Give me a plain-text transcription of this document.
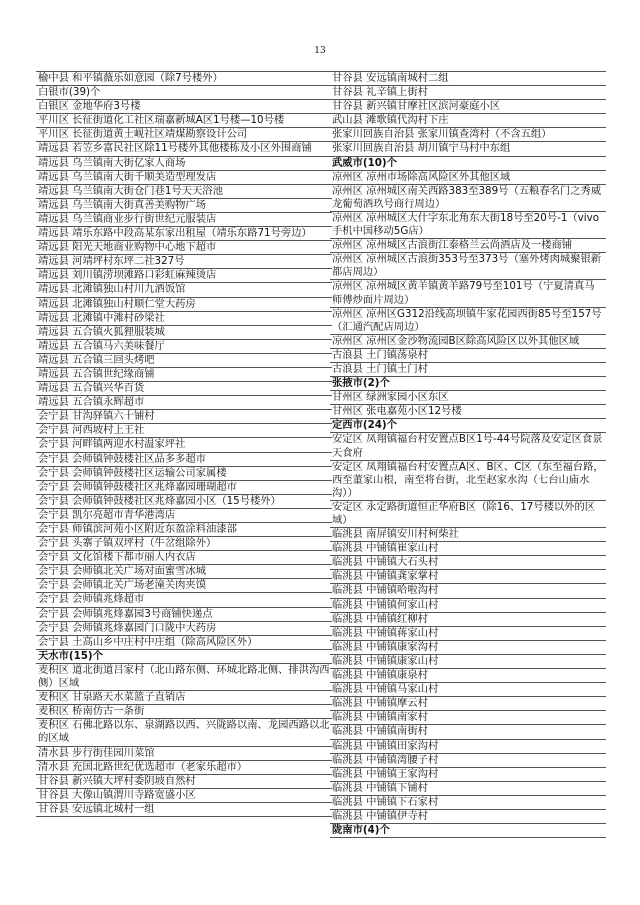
13
榆中县 和平镇薇乐如意园（除7号楼外）
白银市(39)个
白银区 金地华府3号楼
平川区 长征街道化工社区瑞嘉新城A区1号楼—10号楼
平川区 长征街道黄土岘社区靖煤勘察设计公司
靖远县 若笠乡富民社区除11号楼外其他楼栋及小区外围商铺
靖远县 乌兰镇南大街亿家人商场
靖远县 乌兰镇南大街千顺美造型理发店
靖远县 乌兰镇南大街仓门巷1号天天浴池
靖远县 乌兰镇南大街真善美购物广场
靖远县 乌兰镇商业步行街世纪元服装店
靖远县 靖乐东路中段高某东家出租屋（靖乐东路71号旁边）
靖远县 阳光天地商业购物中心地下超市
靖远县 河靖坪村东坪二社327号
靖远县 刘川镇涝坝滩路口彩虹麻辣烫店
靖远县 北滩镇独山村川九酒饭馆
靖远县 北滩镇独山村顺仁堂大药房
靖远县 北滩镇中滩村砂梁社
靖远县 五合镇火狐狸服装城
靖远县 五合镇马六美味餐厅
靖远县 五合镇三回头烤吧
靖远县 五合镇世纪缘商铺
靖远县 五合镇兴华百货
靖远县 五合镇永辉超市
会宁县 甘沟驿镇六十铺村
会宁县 河西坡村上王社
会宁县 河畔镇两迎水村温家坪社
会宁县 会师镇钟鼓楼社区品多多超市
会宁县 会师镇钟鼓楼社区运输公司家属楼
会宁县 会师镇钟鼓楼社区兆烽嘉园珊瑚超市
会宁县 会师镇钟鼓楼社区兆烽嘉园小区（15号楼外）
会宁县 凯尔亮超市青华港湾店
会宁县 师镇滨河苑小区附近东盈涂料油漆部
会宁县 头寨子镇双坪村（牛岔组除外）
会宁县 文化馆楼下都市丽人内衣店
会宁县 会师镇北关广场对面蜜雪冰城
会宁县 会师镇北关广场老潼关肉夹馍
会宁县 会师镇兆烽超市
会宁县 会师镇兆烽嘉园3号商铺快递点
会宁县 会师镇兆烽嘉园门口陇中大药房
会宁县 土高山乡中庄村中庄组（除高风险区外）
天水市(15)个
麦积区 道北街道吕家村（北山路东侧、环城北路北侧、排洪沟西侧）区域
麦积区 甘泉路天水菜篮子直销店
麦积区 桥南仿古一条街
麦积区 石佛北路以东、泉湖路以西、兴陇路以南、龙园西路以北的区域
清水县 步行街佳园川菜馆
清水县 充国北路世纪优选超市（老家乐超市）
甘谷县 新兴镇大坪村委阴坡自然村
甘谷县 大像山镇渭川寺路宽盛小区
甘谷县 安远镇北城村一组
甘谷县 安远镇南城村二组
甘谷县 礼辛镇上街村
甘谷县 新兴镇甘摩社区滨河豪庭小区
武山县 滩歌镇代沟村下庄
张家川回族自治县 张家川镇查湾村（不含五组）
张家川回族自治县 胡川镇宁马村中东组
武威市(10)个
凉州区 凉州市场除高风险区外其他区域
凉州区 凉州城区南关西路383至389号（五粮春名门之秀威龙葡萄酒玖号商行周边）
凉州区 凉州城区大什字东北角东大街18号至20号-1（vivo手机中国移动5G店）
凉州区 凉州城区古浪街江泰格兰云尚酒店及一楼商铺
凉州区 凉州城区古浪街353号至373号（塞外烤肉城聚银新都店周边）
凉州区 凉州城区黄羊镇黄羊路79号至101号（宁夏清真马师傅炒面片周边）
凉州区 凉州区G312沿线高坝镇牛家花园西街85号至157号（汇通汽配店周边）
凉州区 凉州区金沙物流园B区除高风险区以外其他区域
古浪县 土门镇荡泉村
古浪县 土门镇土门村
张掖市(2)个
甘州区 绿洲家园小区东区
甘州区 张电嘉苑小区12号楼
定西市(24)个
安定区 凤翔镇福台村安置点B区1号-44号院落及安定区食景天食府
安定区 凤翔镇福台村安置点A区、B区、C区（东至福台路，西至董家山根，南至将台街，北至赵家水沟（七台山庙水沟））
安定区 永定路街道恒正华府B区（除16、17号楼以外的区域）
临洮县 南屏镇安川村柯柴社
临洮县 中铺镇崔家山村
临洮县 中铺镇大石头村
临洮县 中铺镇龚家掌村
临洮县 中铺镇哈啦沟村
临洮县 中铺镇何家山村
临洮县 中铺镇红柳村
临洮县 中铺镇蒋家山村
临洮县 中铺镇康家沟村
临洮县 中铺镇康家山村
临洮县 中铺镇康泉村
临洮县 中铺镇马家山村
临洮县 中铺镇摩云村
临洮县 中铺镇南家村
临洮县 中铺镇南街村
临洮县 中铺镇田家沟村
临洮县 中铺镇湾腰子村
临洮县 中铺镇王家沟村
临洮县 中铺镇下铺村
临洮县 中铺镇下石家村
临洮县 中铺镇伊寺村
陇南市(4)个
